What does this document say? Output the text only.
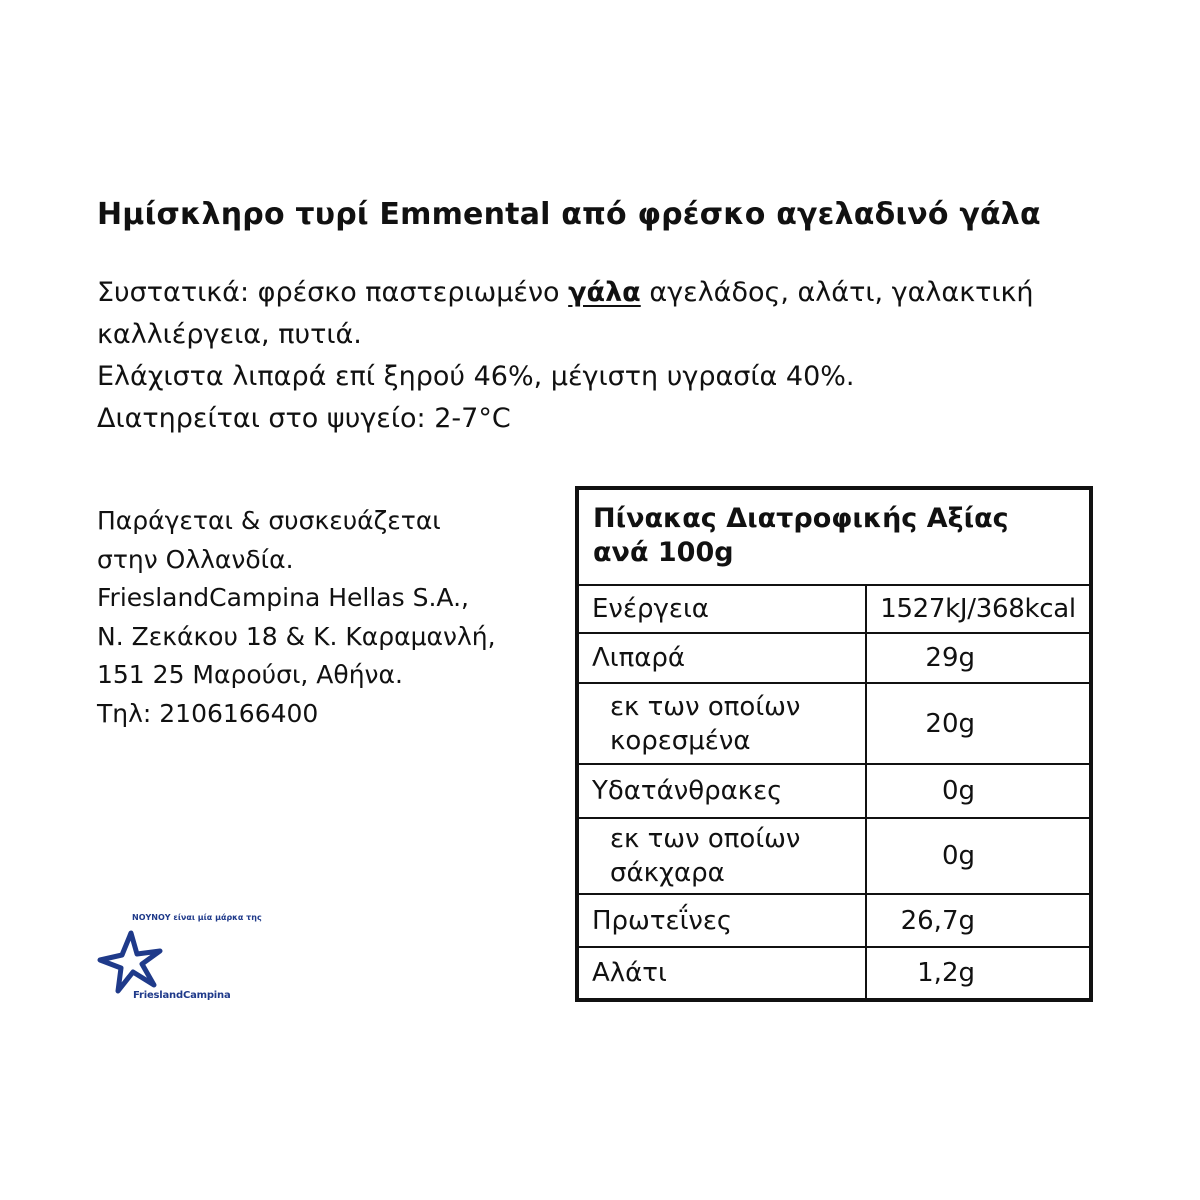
Ημίσκληρο τυρί Emmental από φρέσκο αγελαδινό γάλα

Συστατικά: φρέσκο παστεριωμένο γάλα αγελάδος, αλάτι, γαλακτική καλλιέργεια, πυτιά.

Ελάχιστα λιπαρά επί ξηρού 46%, μέγιστη υγρασία 40%.

Διατηρείται στο ψυγείο: 2-7°C

Παράγεται & συσκευάζεται
στην Ολλανδία.
FrieslandCampina Hellas S.A.,
Ν. Ζεκάκου 18 & Κ. Καραμανλή,
151 25 Μαρούσι, Αθήνα.
Τηλ: 2106166400
ΝΟΥΝΟΥ είναι μία μάρκα της
FrieslandCampina
Πίνακας Διατροφικής Αξίας
ανά 100g
Ενέργεια	1527kJ/368kcal
Λιπαρά	29g
εκ των οποίων κορεσμένα	20g
Υδατάνθρακες	0g
εκ των οποίων σάκχαρα	0g
Πρωτεΐνες	26,7g
Αλάτι	1,2g
